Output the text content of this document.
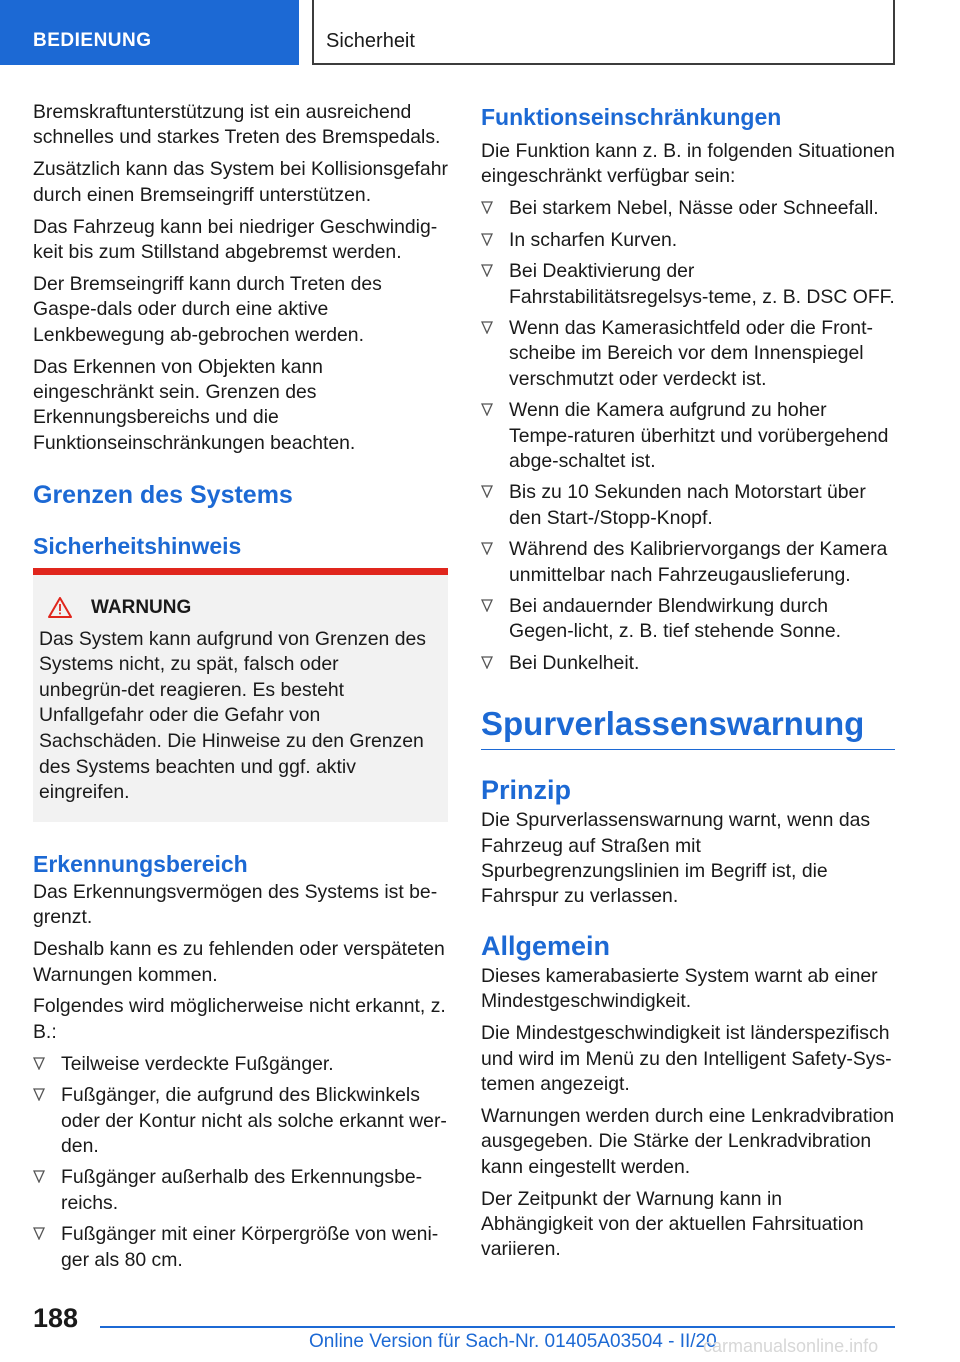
BEDIENUNG	Sicherheit

Bremskraftunterstützung ist ein ausreichend schnelles und starkes Treten des Bremspedals.

Zusätzlich kann das System bei Kollisionsgefahr durch einen Bremseingriff unterstützen.

Das Fahrzeug kann bei niedriger Geschwindig‐keit bis zum Stillstand abgebremst werden.

Der Bremseingriff kann durch Treten des Gaspe‐dals oder durch eine aktive Lenkbewegung ab‐gebrochen werden.

Das Erkennen von Objekten kann eingeschränkt sein. Grenzen des Erkennungsbereichs und die Funktionseinschränkungen beachten.

Grenzen des Systems
Sicherheitshinweis
WARNUNG
Das System kann aufgrund von Grenzen des Systems nicht, zu spät, falsch oder unbegrün‐det reagieren. Es besteht Unfallgefahr oder die Gefahr von Sachschäden. Die Hinweise zu den Grenzen des Systems beachten und ggf. aktiv eingreifen.
Erkennungsbereich

Das Erkennungsvermögen des Systems ist be‐grenzt.

Deshalb kann es zu fehlenden oder verspäteten Warnungen kommen.

Folgendes wird möglicherweise nicht erkannt, z. B.:

Teilweise verdeckte Fußgänger.
Fußgänger, die aufgrund des Blickwinkels oder der Kontur nicht als solche erkannt wer‐den.
Fußgänger außerhalb des Erkennungsbe‐reichs.
Fußgänger mit einer Körpergröße von weni‐ger als 80 cm.
Funktionseinschränkungen

Die Funktion kann z. B. in folgenden Situationen eingeschränkt verfügbar sein:

Bei starkem Nebel, Nässe oder Schneefall.
In scharfen Kurven.
Bei Deaktivierung der Fahrstabilitätsregelsys‐teme, z. B. DSC OFF.
Wenn das Kamerasichtfeld oder die Front‐scheibe im Bereich vor dem Innenspiegel verschmutzt oder verdeckt ist.
Wenn die Kamera aufgrund zu hoher Tempe‐raturen überhitzt und vorübergehend abge‐schaltet ist.
Bis zu 10 Sekunden nach Motorstart über den Start-/Stopp-Knopf.
Während des Kalibriervorgangs der Kamera unmittelbar nach Fahrzeugauslieferung.
Bei andauernder Blendwirkung durch Gegen‐licht, z. B. tief stehende Sonne.
Bei Dunkelheit.
Spurverlassenswarnung
Prinzip

Die Spurverlassenswarnung warnt, wenn das Fahrzeug auf Straßen mit Spurbegrenzungslinien im Begriff ist, die Fahrspur zu verlassen.

Allgemein

Dieses kamerabasierte System warnt ab einer Mindestgeschwindigkeit.

Die Mindestgeschwindigkeit ist länderspezifisch und wird im Menü zu den Intelligent Safety-Sys‐temen angezeigt.

Warnungen werden durch eine Lenkradvibration ausgegeben. Die Stärke der Lenkradvibration kann eingestellt werden.

Der Zeitpunkt der Warnung kann in Abhängigkeit von der aktuellen Fahrsituation variieren.

188
Online Version für Sach-Nr. 01405A03504 - II/20
carmanualsonline.info
